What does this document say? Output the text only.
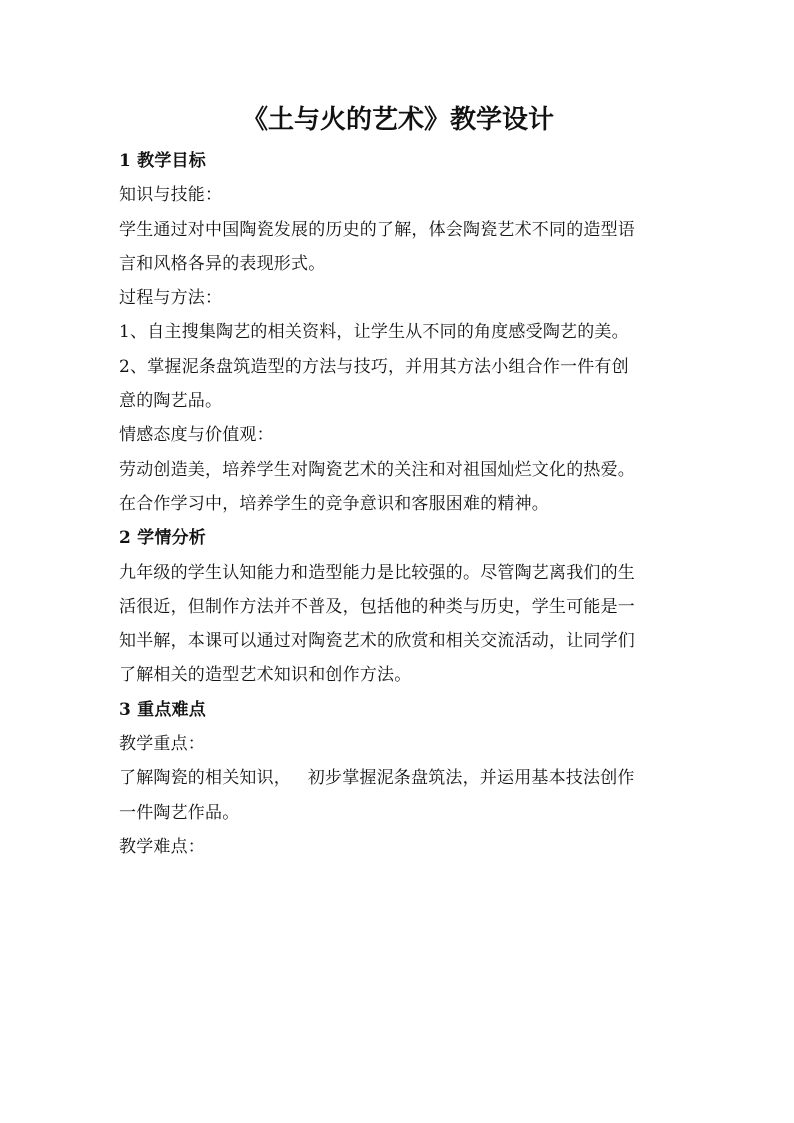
《土与火的艺术》教学设计

1 教学目标

知识与技能：

学生通过对中国陶瓷发展的历史的了解，体会陶瓷艺术不同的造型语

言和风格各异的表现形式。

过程与方法：

1、自主搜集陶艺的相关资料，让学生从不同的角度感受陶艺的美。

2、掌握泥条盘筑造型的方法与技巧，并用其方法小组合作一件有创

意的陶艺品。

情感态度与价值观：

劳动创造美，培养学生对陶瓷艺术的关注和对祖国灿烂文化的热爱。

在合作学习中，培养学生的竞争意识和客服困难的精神。

2 学情分析

九年级的学生认知能力和造型能力是比较强的。尽管陶艺离我们的生

活很近，但制作方法并不普及，包括他的种类与历史，学生可能是一

知半解，本课可以通过对陶瓷艺术的欣赏和相关交流活动，让同学们

了解相关的造型艺术知识和创作方法。

3 重点难点

教学重点：

了解陶瓷的相关知识，   初步掌握泥条盘筑法，并运用基本技法创作

一件陶艺作品。

教学难点：
